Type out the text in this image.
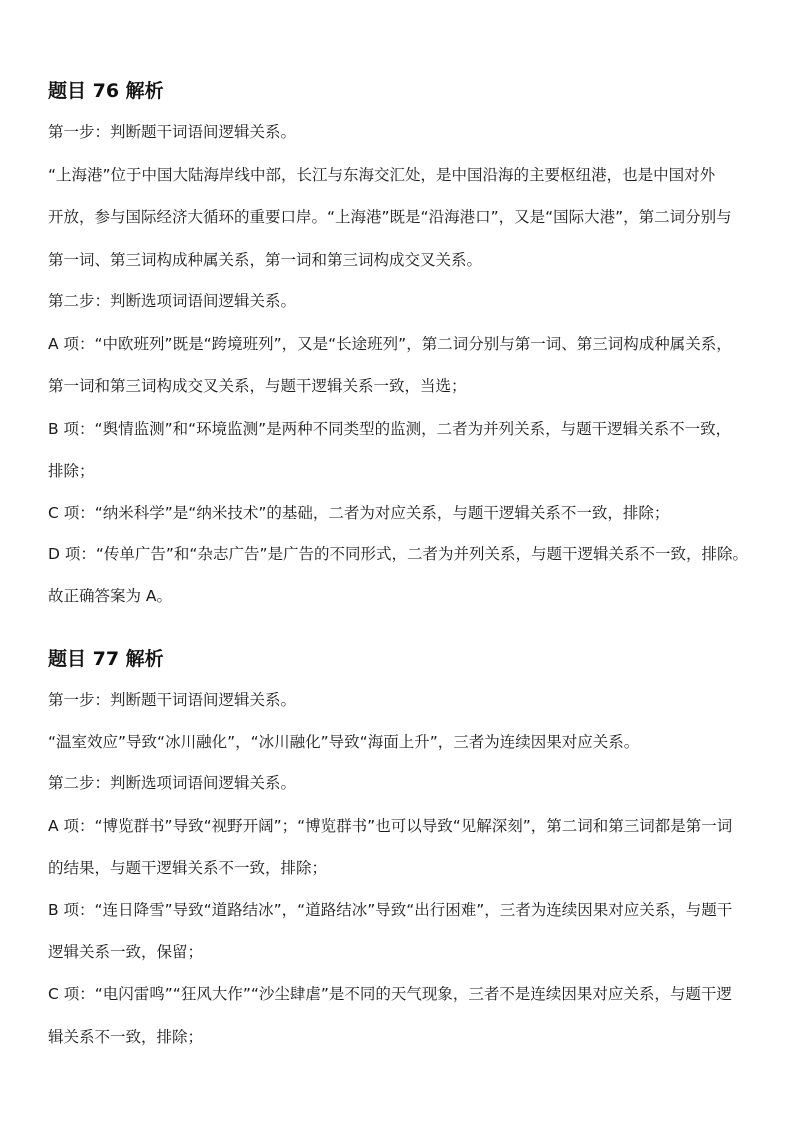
题目 76 解析
第一步：判断题干词语间逻辑关系。
“上海港”位于中国大陆海岸线中部，长江与东海交汇处，是中国沿海的主要枢纽港，也是中国对外
开放，参与国际经济大循环的重要口岸。“上海港”既是“沿海港口”，又是“国际大港”，第二词分别与
第一词、第三词构成种属关系，第一词和第三词构成交叉关系。
第二步：判断选项词语间逻辑关系。
A 项：“中欧班列”既是“跨境班列”，又是“长途班列”，第二词分别与第一词、第三词构成种属关系，
第一词和第三词构成交叉关系，与题干逻辑关系一致，当选；
B 项：“舆情监测”和“环境监测”是两种不同类型的监测，二者为并列关系，与题干逻辑关系不一致，
排除；
C 项：“纳米科学”是“纳米技术”的基础，二者为对应关系，与题干逻辑关系不一致，排除；
D 项：“传单广告”和“杂志广告”是广告的不同形式，二者为并列关系，与题干逻辑关系不一致，排除。
故正确答案为 A。
题目 77 解析
第一步：判断题干词语间逻辑关系。
“温室效应”导致“冰川融化”，“冰川融化”导致“海面上升”，三者为连续因果对应关系。
第二步：判断选项词语间逻辑关系。
A 项：“博览群书”导致“视野开阔”；“博览群书”也可以导致“见解深刻”，第二词和第三词都是第一词
的结果，与题干逻辑关系不一致，排除；
B 项：“连日降雪”导致“道路结冰”，“道路结冰”导致“出行困难”，三者为连续因果对应关系，与题干
逻辑关系一致，保留；
C 项：“电闪雷鸣”“狂风大作”“沙尘肆虐”是不同的天气现象，三者不是连续因果对应关系，与题干逻
辑关系不一致，排除；
